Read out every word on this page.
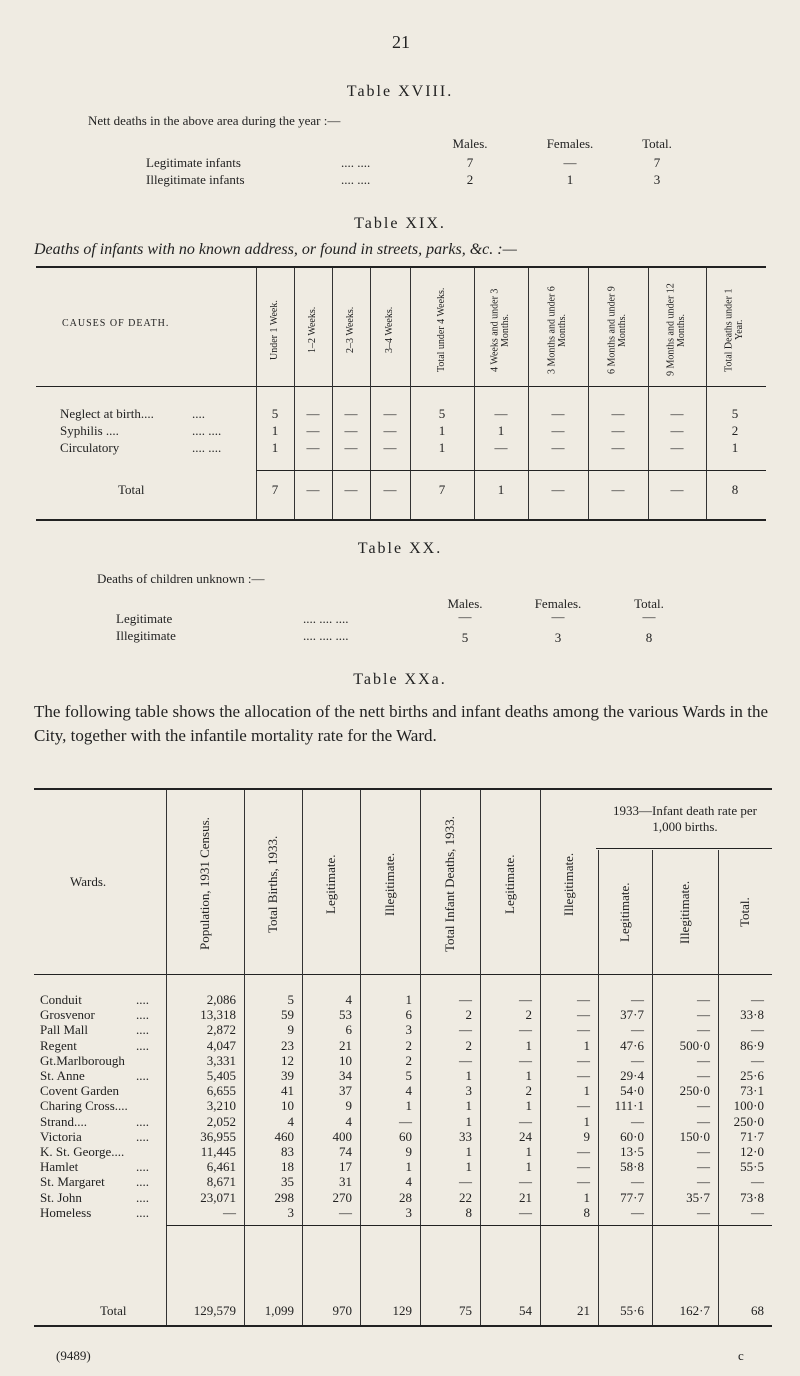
21
Table XVIII.
Nett deaths in the above area during the year :—
Males.	Females.	Total.
Legitimate infants	.... ....	7	—	7
Illegitimate infants	.... ....	2	1	3
Table XIX.
Deaths of infants with no known address, or found in streets, parks, &c. :—
CAUSES OF DEATH.	Under 1 Week.	1–2 Weeks.	2–3 Weeks.	3–4 Weeks.	Total under 4 Weeks.	4 Weeks and under 3 Months.	3 Months and under 6 Months.	6 Months and under 9 Months.	9 Months and under 12 Months.	Total Deaths under 1 Year.
Neglect at birth....	....	5	—	—	—	5	—	—	—	—	5
Syphilis ....	.... ....	1	—	—	—	1	1	—	—	—	2
Circulatory	.... ....	1	—	—	—	1	—	—	—	—	1
Total	7	—	—	—	7	1	—	—	—	8
Table XX.
Deaths of children unknown :—
Males.	Females.	Total.
Legitimate	.... .... ....	—	—	—
Illegitimate	.... .... ....	5	3	8
Table XXa.
The following table shows the allocation of the nett births and infant deaths among the various Wards in the City, together with the infantile mortality rate for the Ward.
Wards.
1933—Infant death rate per 1,000 births.
Population, 1931 Census.	Total Births, 1933.	Legitimate.	Illegitimate.	Total Infant Deaths, 1933.	Legitimate.	Illegitimate.	Legitimate.	Illegitimate.	Total.
Conduit	....	2,086	5	4	1	—	—	—	—	—	—
Grosvenor	....	13,318	59	53	6	2	2	—	37·7	—	33·8
Pall Mall	....	2,872	9	6	3	—	—	—	—	—	—
Regent	....	4,047	23	21	2	2	1	1	47·6	500·0	86·9
Gt.Marlborough	3,331	12	10	2	—	—	—	—	—	—
St. Anne	....	5,405	39	34	5	1	1	—	29·4	—	25·6
Covent Garden	6,655	41	37	4	3	2	1	54·0	250·0	73·1
Charing Cross....	3,210	10	9	1	1	1	—	111·1	—	100·0
Strand....	....	2,052	4	4	—	1	—	1	—	—	250·0
Victoria	....	36,955	460	400	60	33	24	9	60·0	150·0	71·7
K. St. George....	11,445	83	74	9	1	1	—	13·5	—	12·0
Hamlet	....	6,461	18	17	1	1	1	—	58·8	—	55·5
St. Margaret ....	8,671	35	31	4	—	—	—	—	—	—
St. John	....	23,071	298	270	28	22	21	1	77·7	35·7	73·8
Homeless	....	—	3	—	3	8	—	8	—	—	—
Total	129,579	1,099	970	129	75	54	21	55·6	162·7	68
(9489)	c
